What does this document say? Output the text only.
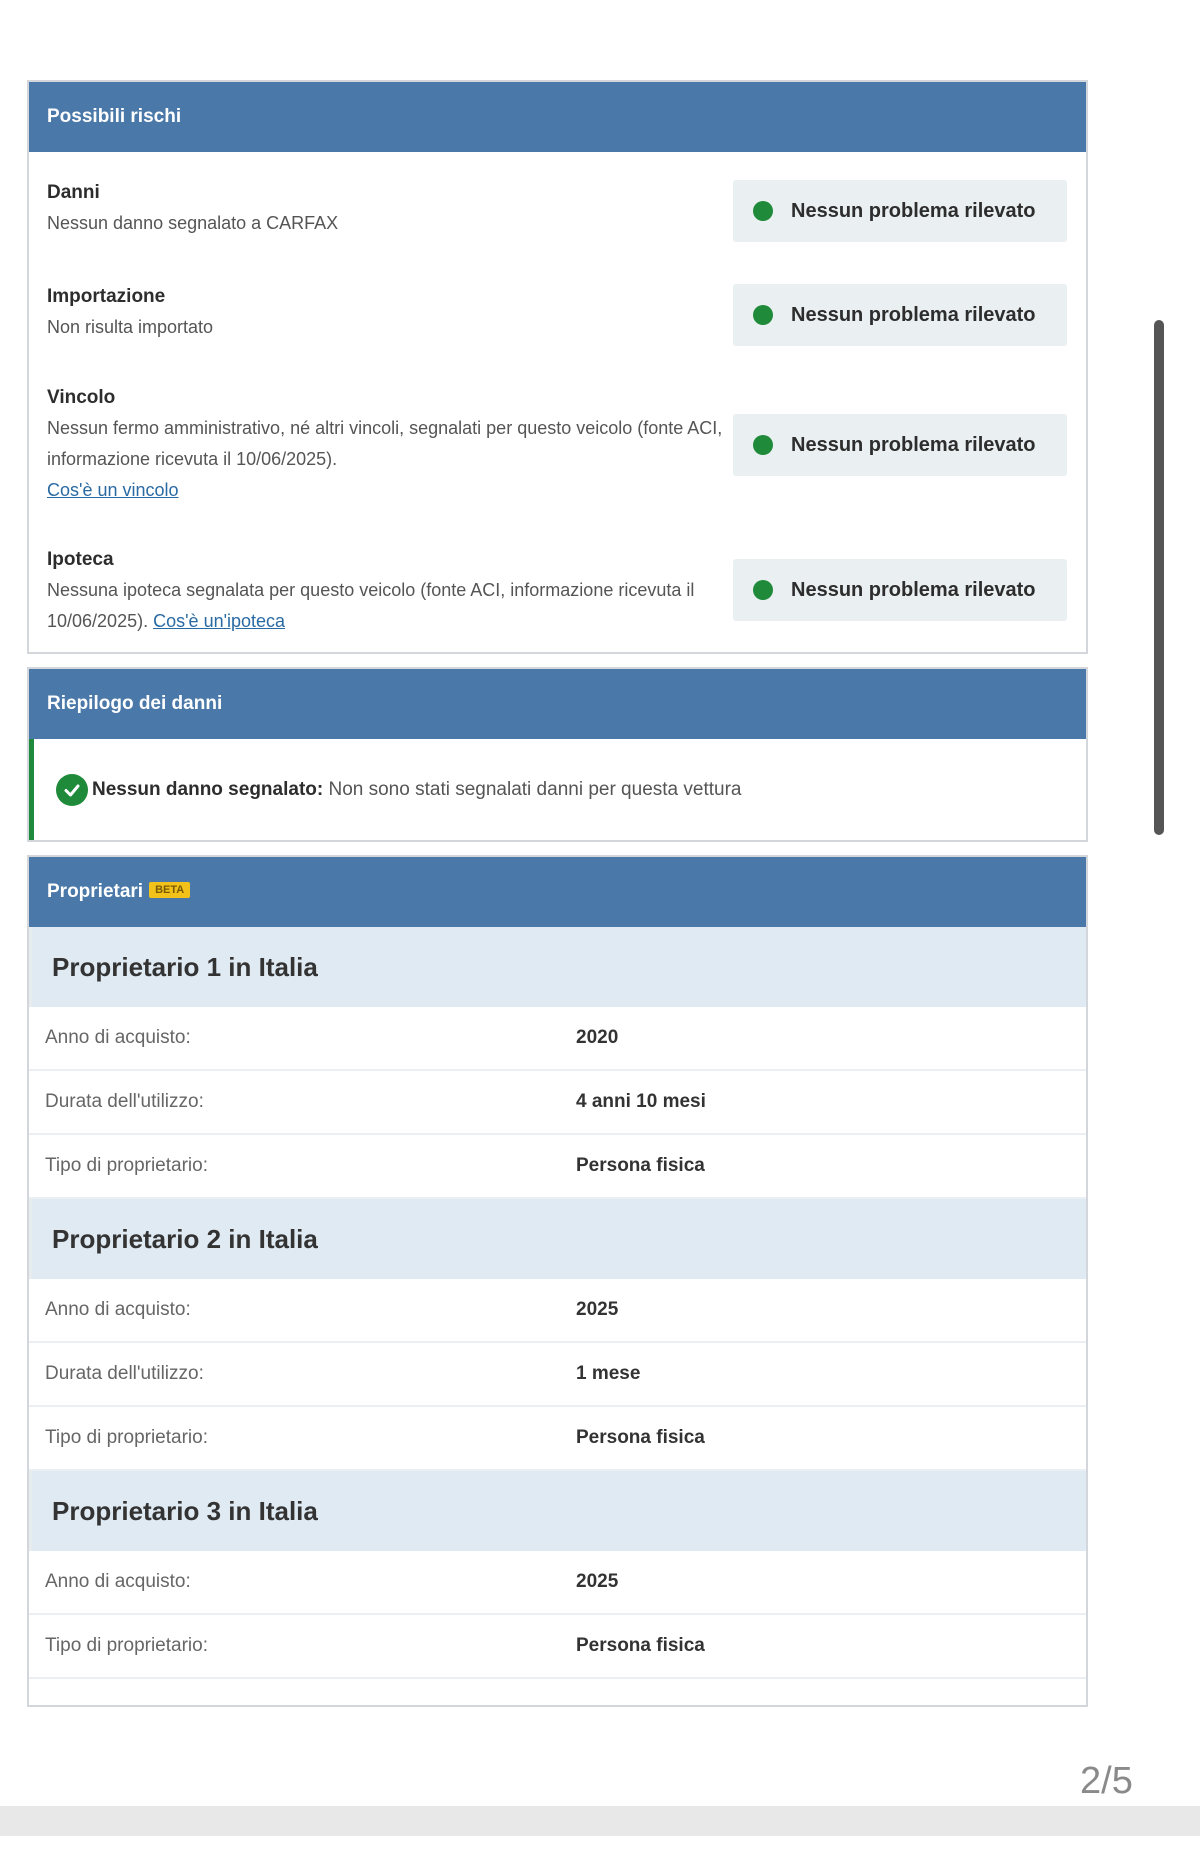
Possibili rischi
Danni
Nessun danno segnalato a CARFAX
Nessun problema rilevato
Importazione
Non risulta importato
Nessun problema rilevato
Vincolo
Nessun fermo amministrativo, né altri vincoli, segnalati per questo veicolo (fonte ACI, informazione ricevuta il 10/06/2025).
Cos'è un vincolo
Nessun problema rilevato
Ipoteca
Nessuna ipoteca segnalata per questo veicolo (fonte ACI, informazione ricevuta il 10/06/2025). Cos'è un'ipoteca
Nessun problema rilevato
Riepilogo dei danni
Nessun danno segnalato: Non sono stati segnalati danni per questa vettura
Proprietari BETA
Proprietario 1 in Italia
Anno di acquisto:	2020
Durata dell'utilizzo:	4 anni 10 mesi
Tipo di proprietario:	Persona fisica
Proprietario 2 in Italia
Anno di acquisto:	2025
Durata dell'utilizzo:	1 mese
Tipo di proprietario:	Persona fisica
Proprietario 3 in Italia
Anno di acquisto:	2025
Tipo di proprietario:	Persona fisica
2/5
